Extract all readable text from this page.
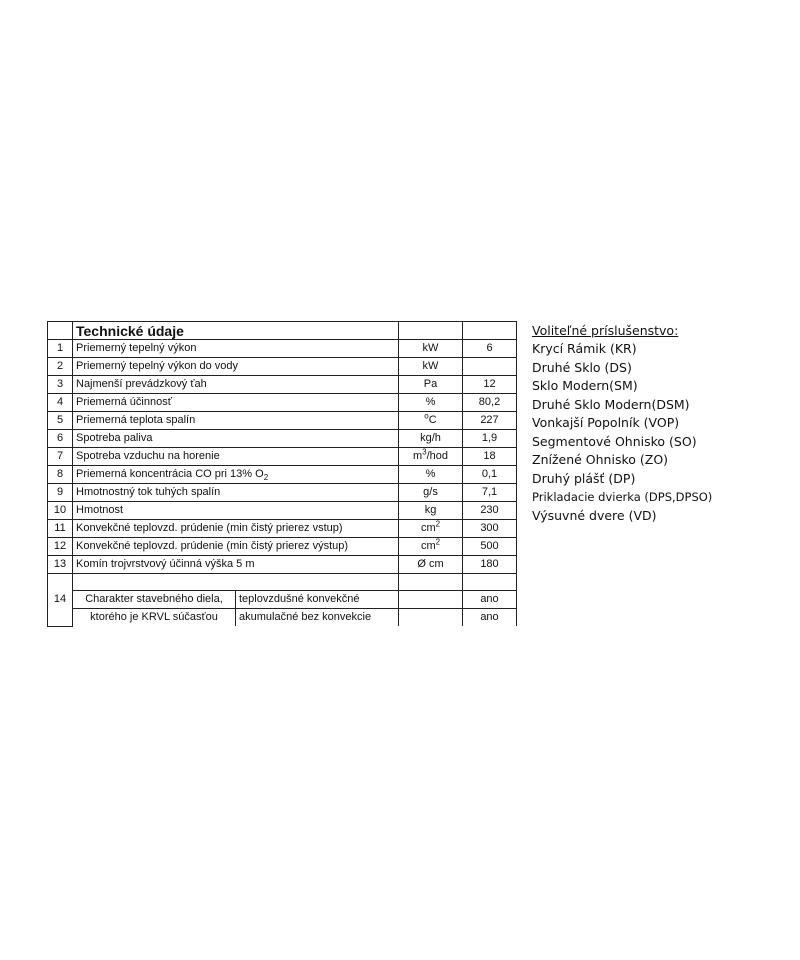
	Technické údaje			
1	Priemerný tepelný výkon		kW	6
2	Priemerný tepelný výkon do vody		kW	
3	Najmenší prevádzkový ťah		Pa	12
4	Priemerná účinnosť		%	80,2
5	Priemerná teplota spalín		$^o$C	227
6	Spotreba paliva		kg/h	1,9
7	Spotreba vzduchu na horenie		$m^3$/hod	18
8	Priemerná koncentrácia CO pri 13% $O_2$		%	0,1
9	Hmotnostný tok tuhých spalín		g/s	7,1
10	Hmotnost		kg	230
11	Konvekčné teplovzd. prúdenie (min čistý prierez vstup)		$cm^2$	300
12	Konvekčné teplovzd. prúdenie (min čistý prierez výstup)		$cm^2$	500
13	Komín trojvrstvový účinná výška 5 m		Ø cm	180
14				
	Charakter stavebného diela,	teplovzdušné konvekčné		ano
	ktorého je KRVL súčasťou	akumulačné bez konvekcie		ano
Voliteľné príslušenstvo:
Krycí Rámik (KR)
Druhé Sklo (DS)
Sklo Modern(SM)
Druhé Sklo Modern(DSM)
Vonkajší Popolník (VOP)
Segmentové Ohnisko (SO)
Znížené Ohnisko (ZO)
Druhý plášť (DP)
Prikladacie dvierka (DPS,DPSO)
Výsuvné dvere (VD)
